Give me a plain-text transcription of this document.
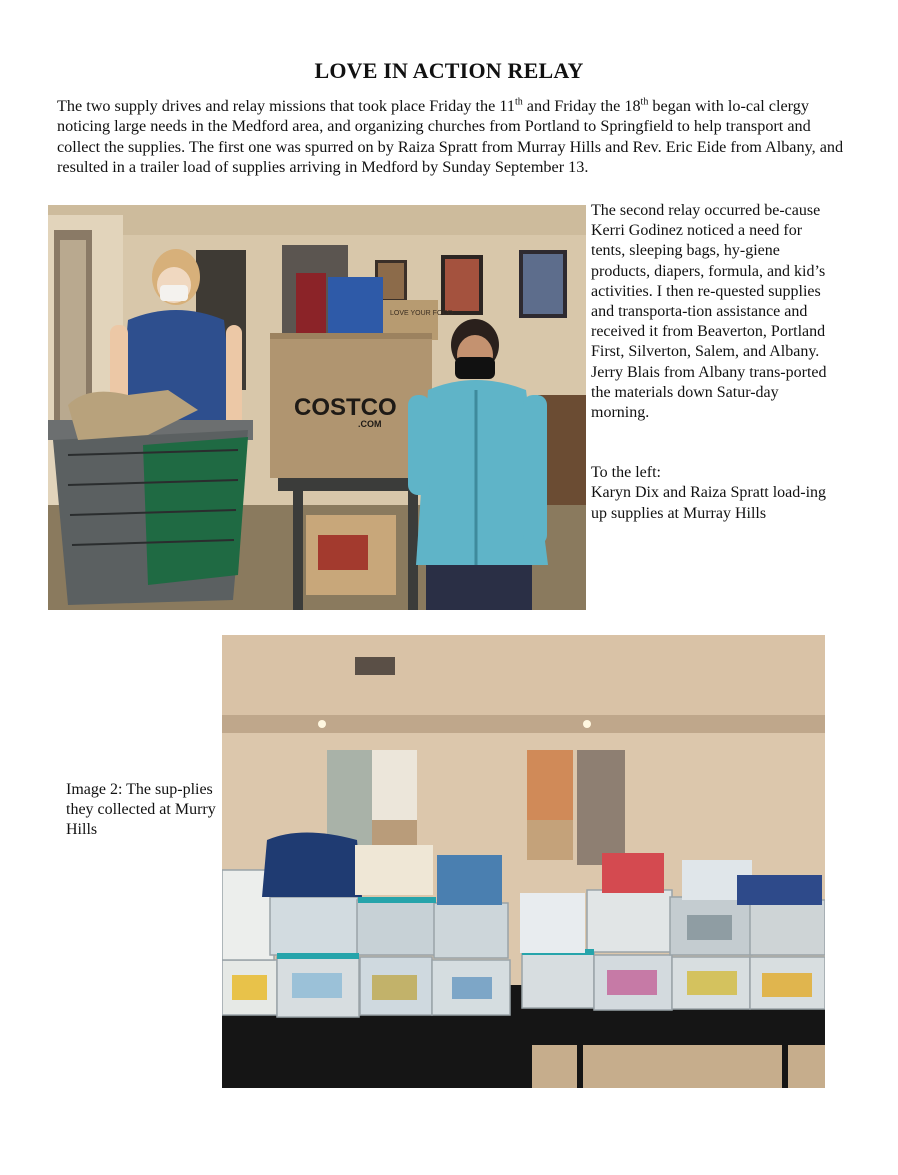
LOVE IN ACTION RELAY
The two supply drives and relay missions that took place Friday the 11th and Friday the 18th began with lo-cal clergy noticing large needs in the Medford area, and organizing churches from Portland to Springfield to help transport and collect the supplies. The first one was spurred on by Raiza Spratt from Murray Hills and Rev. Eric Eide from Albany, and resulted in a trailer load of supplies arriving in Medford by Sunday September 13.
LOVE YOUR FOOD
COSTCO
.COM

The second relay occurred be-cause Kerri Godinez noticed a need for tents, sleeping bags, hy-giene products, diapers, formula, and kid’s activities. I then re-quested supplies and transporta-tion assistance and received it from Beaverton, Portland First, Silverton, Salem, and Albany. Jerry Blais from Albany trans-ported the materials down Satur-day morning.

To the left:

Karyn Dix and Raiza Spratt load-ing up supplies at Murray Hills

Image 2: The sup-plies they collected at Murry Hills
